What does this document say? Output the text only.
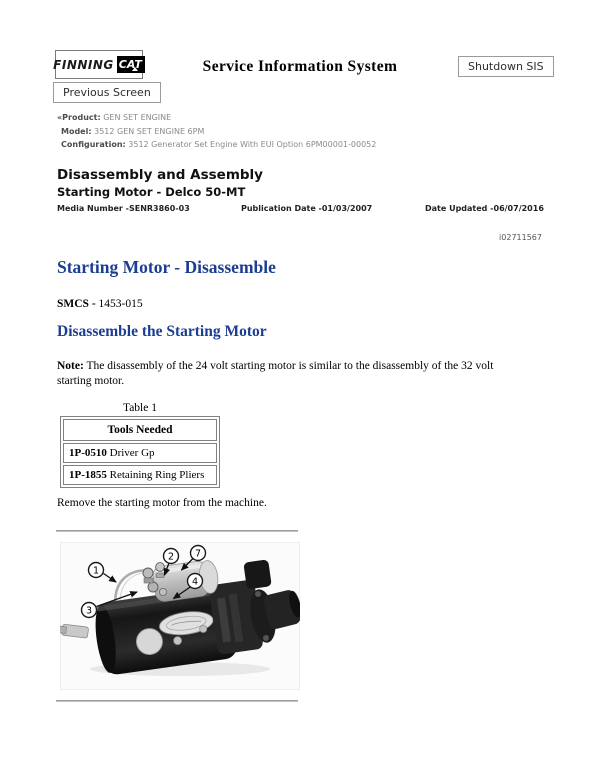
FINNING CAT	Service Information System	Shutdown SIS
Previous Screen
«Product: GEN SET ENGINE
Model: 3512 GEN SET ENGINE 6PM
Configuration: 3512 Generator Set Engine With EUI Option 6PM00001-00052
Disassembly and Assembly
Starting Motor - Delco 50-MT
Media Number -SENR3860-03	Publication Date -01/03/2007	Date Updated -06/07/2016
i02711567
Starting Motor - Disassemble
SMCS - 1453-015
Disassemble the Starting Motor
Note: The disassembly of the 24 volt starting motor is similar to the disassembly of the 32 volt starting motor.
Table 1
Tools Needed
1P-0510 Driver Gp
1P-1855 Retaining Ring Pliers
Remove the starting motor from the machine.
1
2 7
4
3
